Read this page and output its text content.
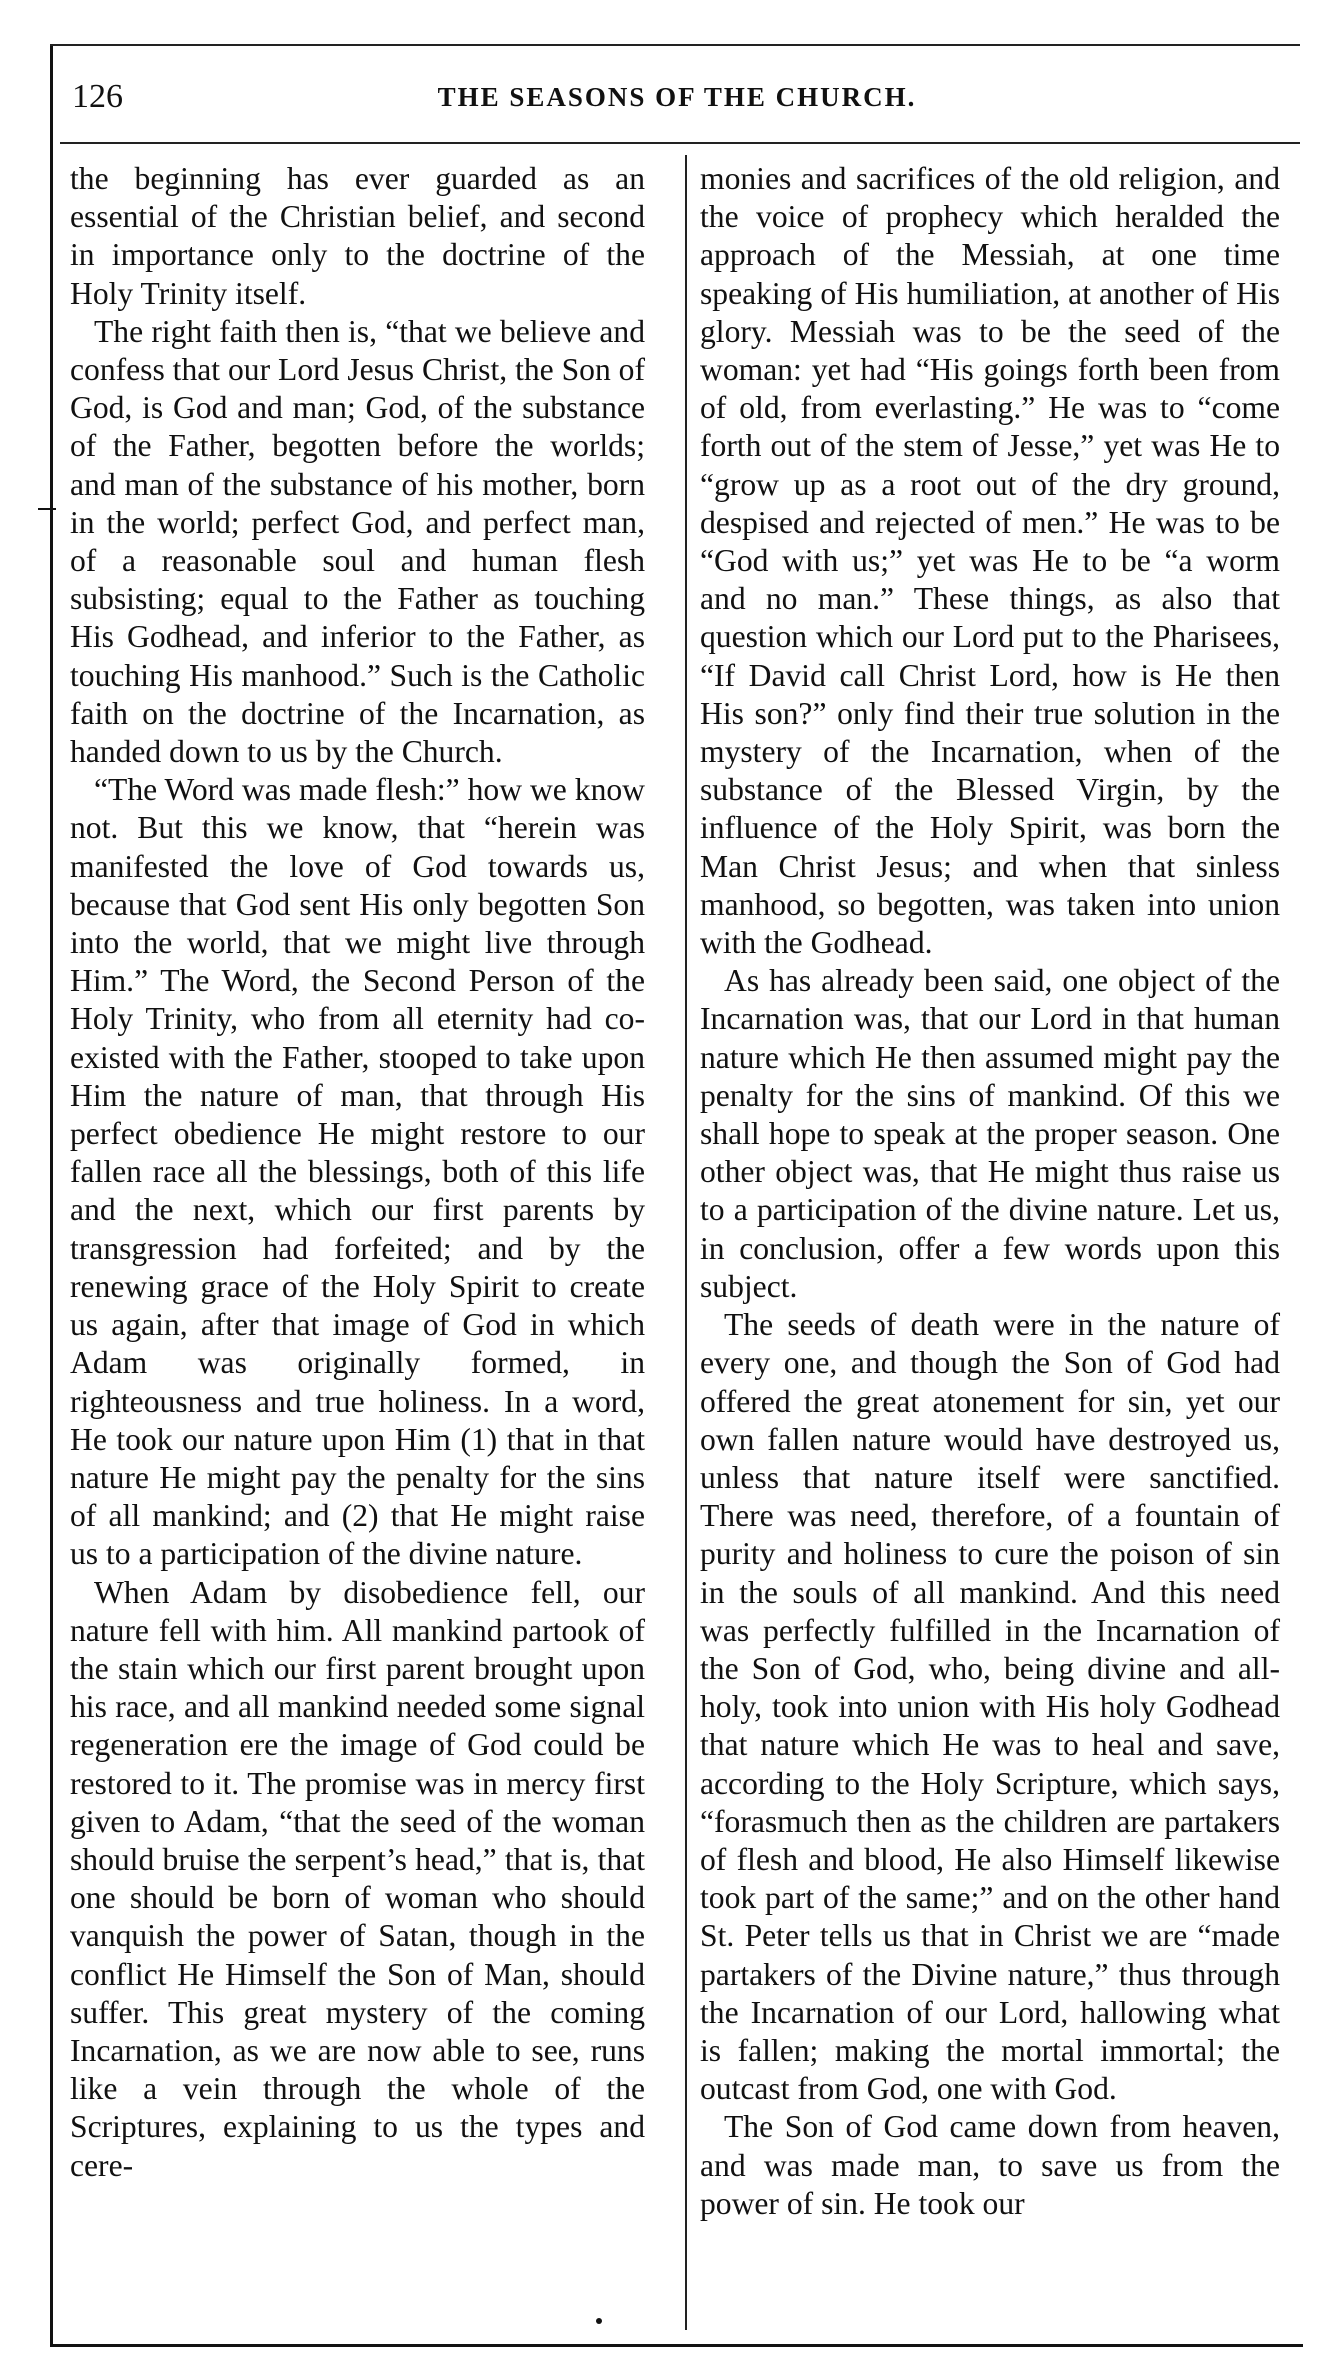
126	THE SEASONS OF THE CHURCH.

the beginning has ever guarded as an essential of the Christian belief, and second in importance only to the doctrine of the Holy Trinity itself.

The right faith then is, “that we believe and confess that our Lord Jesus Christ, the Son of God, is God and man; God, of the substance of the Father, begotten before the worlds; and man of the substance of his mother, born in the world; perfect God, and perfect man, of a reasonable soul and human flesh subsisting; equal to the Father as touching His Godhead, and inferior to the Father, as touching His manhood.” Such is the Catholic faith on the doctrine of the Incarnation, as handed down to us by the Church.

“The Word was made flesh:” how we know not. But this we know, that “herein was manifested the love of God towards us, because that God sent His only begotten Son into the world, that we might live through Him.” The Word, the Second Person of the Holy Trinity, who from all eternity had co-existed with the Father, stooped to take upon Him the nature of man, that through His perfect obedience He might restore to our fallen race all the blessings, both of this life and the next, which our first parents by transgression had forfeited; and by the renewing grace of the Holy Spirit to create us again, after that image of God in which Adam was originally formed, in righteousness and true holiness. In a word, He took our nature upon Him (1) that in that nature He might pay the penalty for the sins of all mankind; and (2) that He might raise us to a participation of the divine nature.

When Adam by disobedience fell, our nature fell with him. All mankind partook of the stain which our first parent brought upon his race, and all mankind needed some signal regeneration ere the image of God could be restored to it. The promise was in mercy first given to Adam, “that the seed of the woman should bruise the serpent’s head,” that is, that one should be born of woman who should vanquish the power of Satan, though in the conflict He Himself the Son of Man, should suffer. This great mystery of the coming Incarnation, as we are now able to see, runs like a vein through the whole of the Scriptures, explaining to us the types and cere-

monies and sacrifices of the old religion, and the voice of prophecy which heralded the approach of the Messiah, at one time speaking of His humiliation, at another of His glory. Messiah was to be the seed of the woman: yet had “His goings forth been from of old, from everlasting.” He was to “come forth out of the stem of Jesse,” yet was He to “grow up as a root out of the dry ground, despised and rejected of men.” He was to be “God with us;” yet was He to be “a worm and no man.” These things, as also that question which our Lord put to the Pharisees, “If David call Christ Lord, how is He then His son?” only find their true solution in the mystery of the Incarnation, when of the substance of the Blessed Virgin, by the influence of the Holy Spirit, was born the Man Christ Jesus; and when that sinless manhood, so begotten, was taken into union with the Godhead.

As has already been said, one object of the Incarnation was, that our Lord in that human nature which He then assumed might pay the penalty for the sins of mankind. Of this we shall hope to speak at the proper season. One other object was, that He might thus raise us to a participation of the divine nature. Let us, in conclusion, offer a few words upon this subject.

The seeds of death were in the nature of every one, and though the Son of God had offered the great atonement for sin, yet our own fallen nature would have destroyed us, unless that nature itself were sanctified. There was need, therefore, of a fountain of purity and holiness to cure the poison of sin in the souls of all mankind. And this need was perfectly fulfilled in the Incarnation of the Son of God, who, being divine and all-holy, took into union with His holy Godhead that nature which He was to heal and save, according to the Holy Scripture, which says, “forasmuch then as the children are partakers of flesh and blood, He also Himself likewise took part of the same;” and on the other hand St. Peter tells us that in Christ we are “made partakers of the Divine nature,” thus through the Incarnation of our Lord, hallowing what is fallen; making the mortal immortal; the outcast from God, one with God.

The Son of God came down from heaven, and was made man, to save us from the power of sin. He took our
